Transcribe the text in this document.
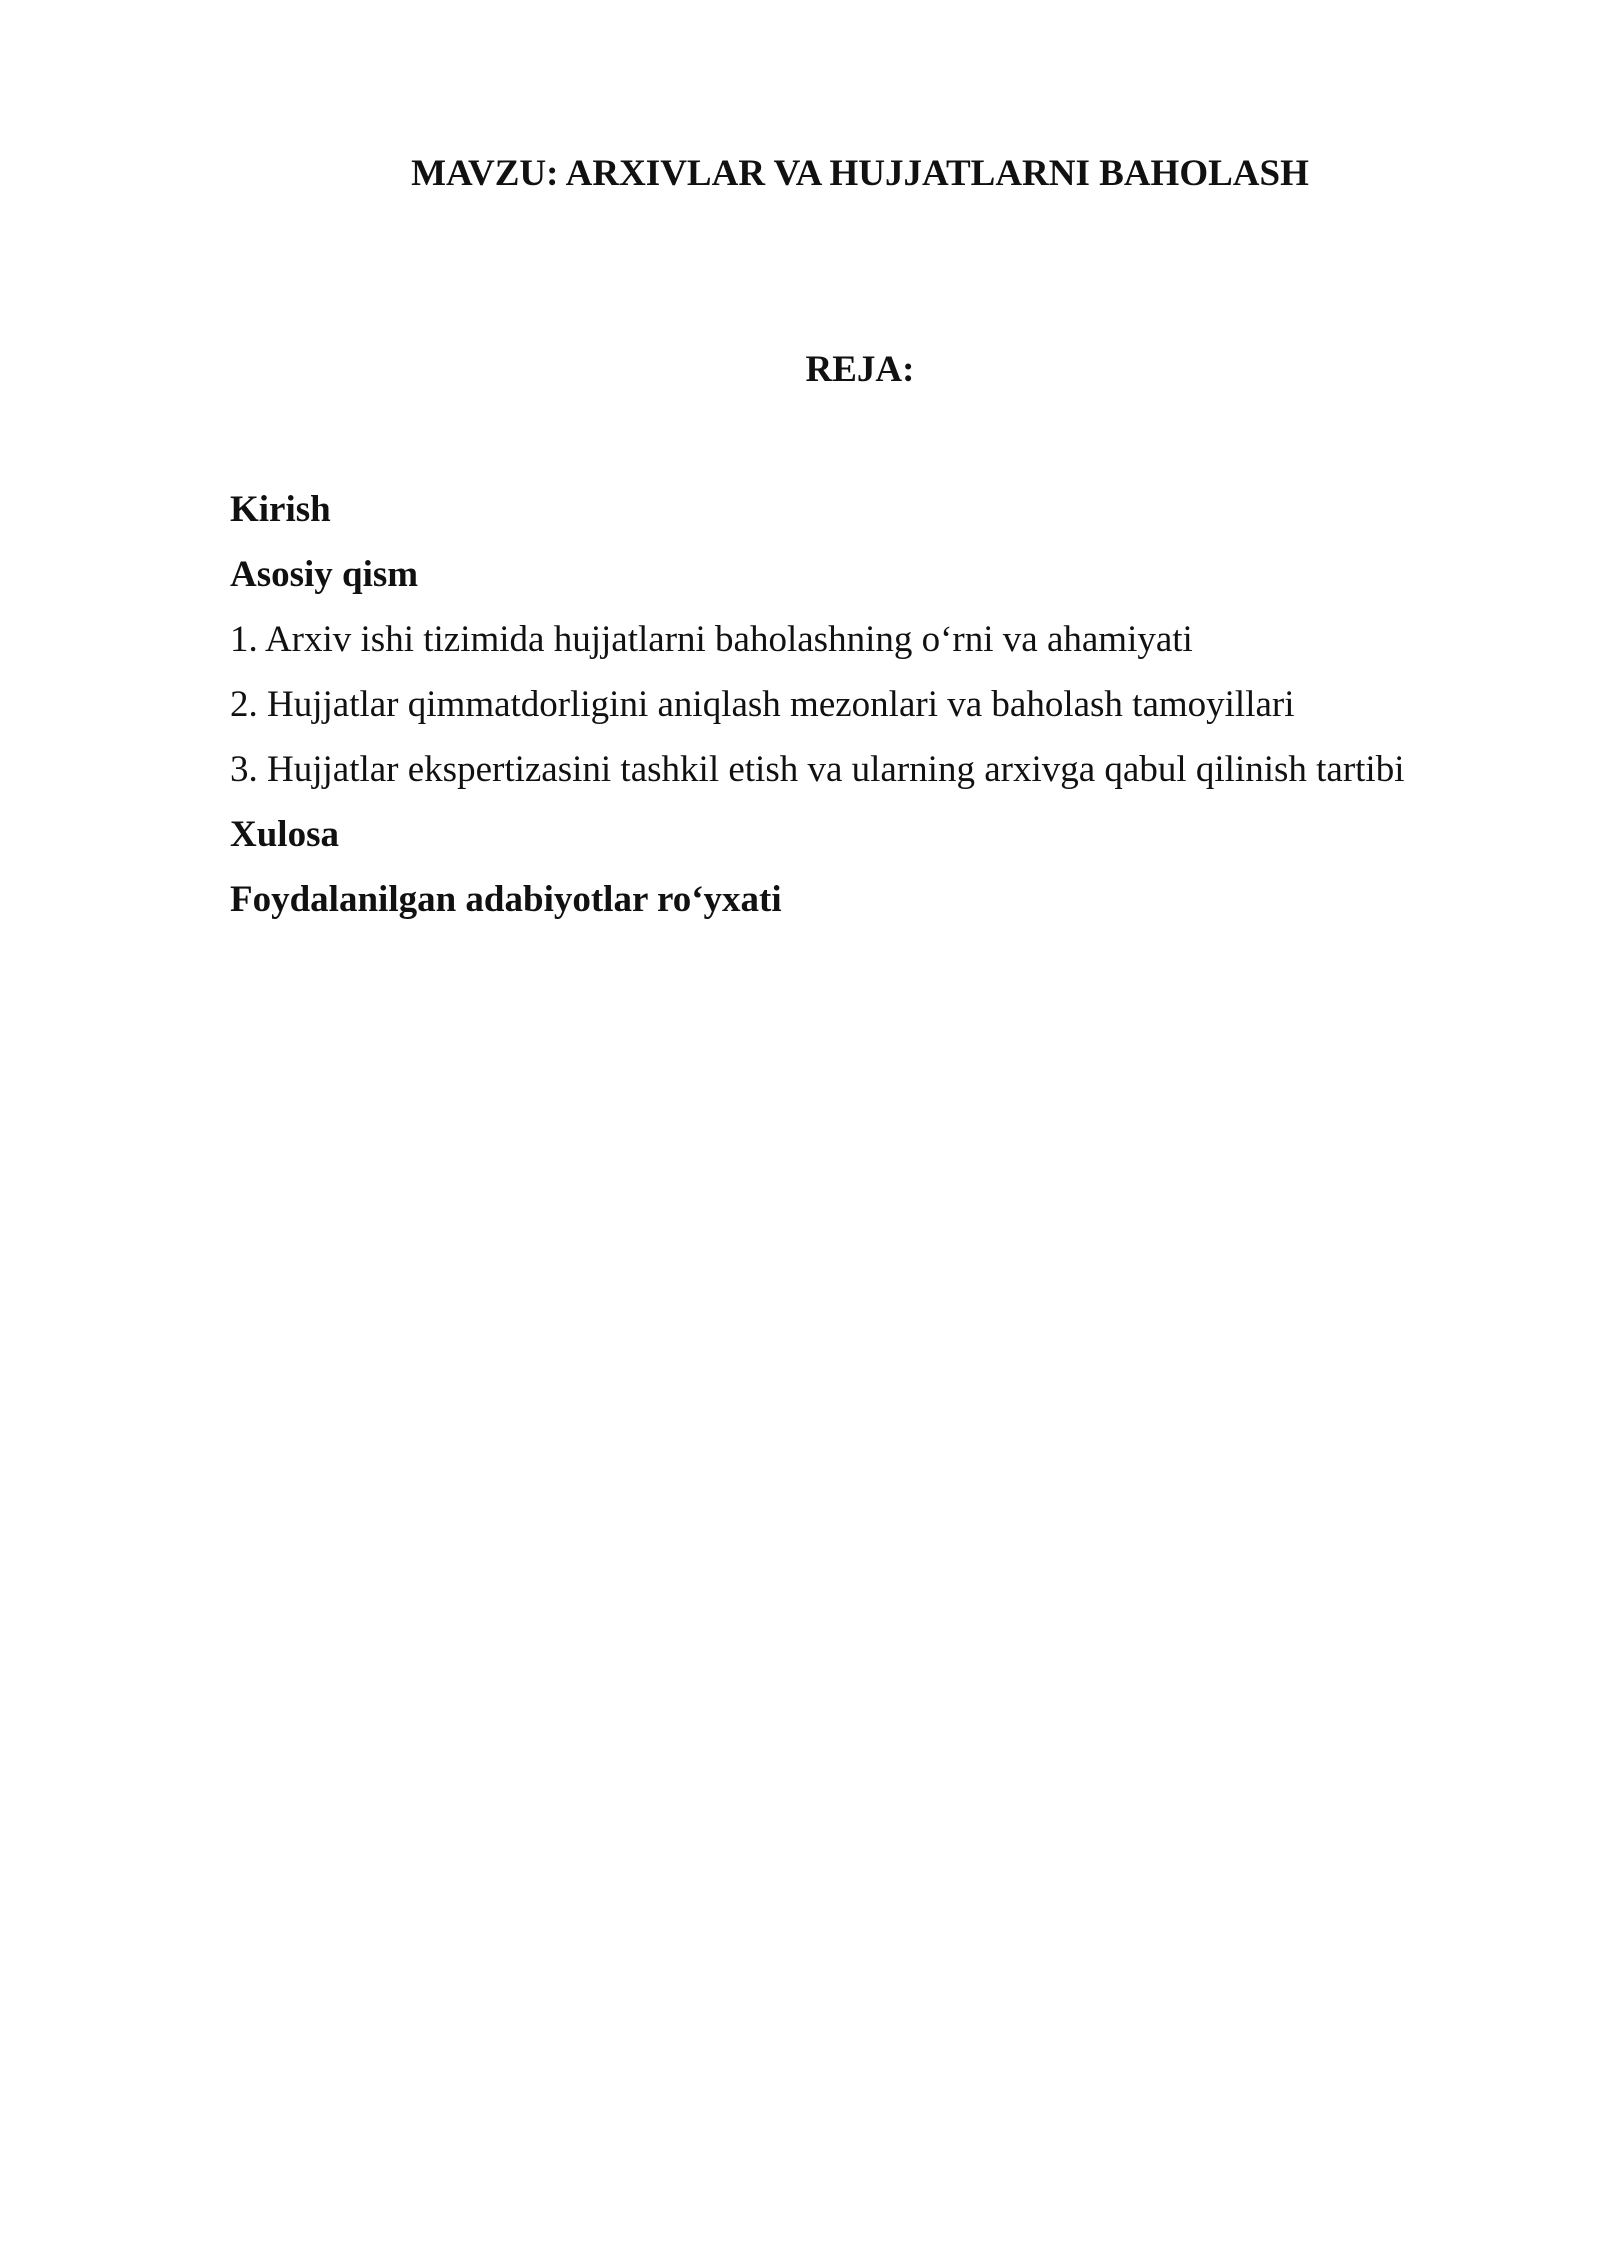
MAVZU: ARXIVLAR VA HUJJATLARNI BAHOLASH
REJA:
Kirish
Asosiy qism
1. Arxiv ishi tizimida hujjatlarni baholashning o‘rni va ahamiyati
2. Hujjatlar qimmatdorligini aniqlash mezonlari va baholash tamoyillari
3. Hujjatlar ekspertizasini tashkil etish va ularning arxivga qabul qilinish tartibi
Xulosa
Foydalanilgan adabiyotlar ro‘yxati
